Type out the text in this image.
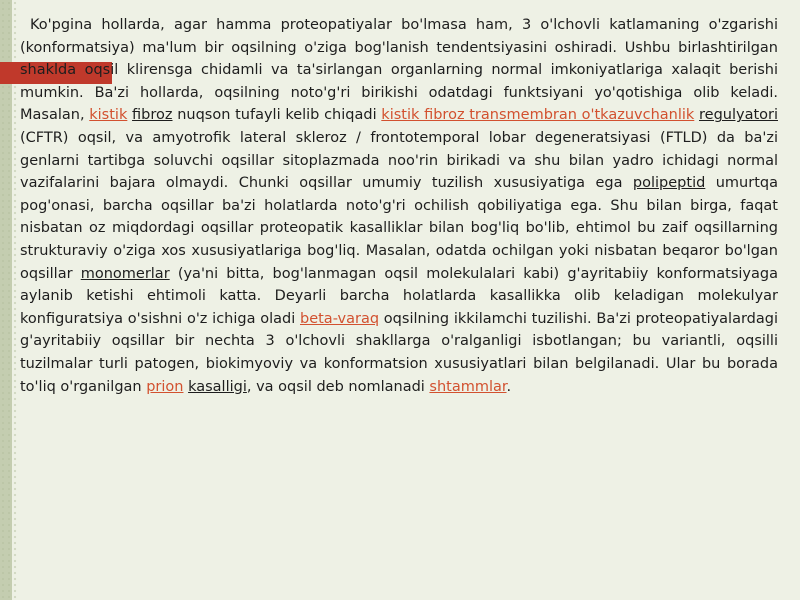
Ko'pgina hollarda, agar hamma proteopatiyalar bo'lmasa ham, 3 o'lchovli katlamaning o'zgarishi (konformatsiya) ma'lum bir oqsilning o'ziga bog'lanish tendentsiyasini oshiradi. Ushbu birlashtirilgan shaklda oqsil klirensga chidamli va ta'sirlangan organlarning normal imkoniyatlariga xalaqit berishi mumkin. Ba'zi hollarda, oqsilning noto'g'ri birikishi odatdagi funktsiyani yo'qotishiga olib keladi. Masalan, kistik fibroz nuqson tufayli kelib chiqadi kistik fibroz transmembran o'tkazuvchanlik regulyatori (CFTR) oqsil, va amyotrofik lateral skleroz / frontotemporal lobar degeneratsiyasi (FTLD) da ba'zi genlarni tartibga soluvchi oqsillar sitoplazmada noo'rin birikadi va shu bilan yadro ichidagi normal vazifalarini bajara olmaydi. Chunki oqsillar umumiy tuzilish xususiyatiga ega polipeptid umurtqa pog'onasi, barcha oqsillar ba'zi holatlarda noto'g'ri ochilish qobiliyatiga ega. Shu bilan birga, faqat nisbatan oz miqdordagi oqsillar proteopatik kasalliklar bilan bog'liq bo'lib, ehtimol bu zaif oqsillarning strukturaviy o'ziga xos xususiyatlariga bog'liq. Masalan, odatda ochilgan yoki nisbatan beqaror bo'lgan oqsillar monomerlar (ya'ni bitta, bog'lanmagan oqsil molekulalari kabi) g'ayritabiiy konformatsiyaga aylanib ketishi ehtimoli katta. Deyarli barcha holatlarda kasallikka olib keladigan molekulyar konfiguratsiya o'sishni o'z ichiga oladi beta-varaq oqsilning ikkilamchi tuzilishi. Ba'zi proteopatiyalardagi g'ayritabiiy oqsillar bir nechta 3 o'lchovli shakllarga o'ralganligi isbotlangan; bu variantli, oqsilli tuzilmalar turli patogen, biokimyoviy va konformatsion xususiyatlari bilan belgilanadi. Ular bu borada to'liq o'rganilgan prion kasalligi, va oqsil deb nomlanadi shtammlar.
